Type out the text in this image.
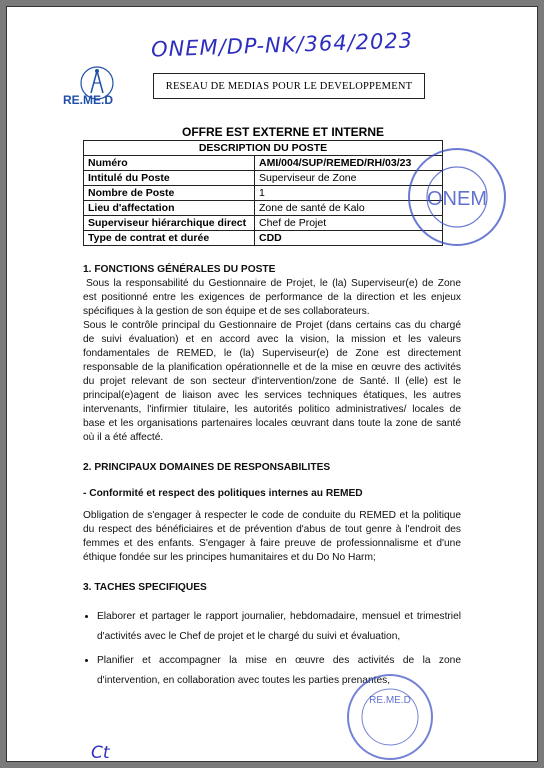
ONEM/DP-NK/364/2023
RE.ME.D
RESEAU DE MEDIAS POUR LE DEVELOPPEMENT
OFFRE EST EXTERNE ET INTERNE
DESCRIPTION DU POSTE	
Numéro	AMI/004/SUP/REMED/RH/03/23
Intitulé du Poste	Superviseur de Zone
Nombre de Poste	1
Lieu d'affectation	Zone de santé de Kalo
Superviseur hiérarchique direct	Chef de Projet
Type de contrat et durée	CDD
ONEM
1. FONCTIONS GÉNÉRALES DU POSTE

Sous la responsabilité du Gestionnaire de Projet, le (la) Superviseur(e) de Zone est positionné entre les exigences de performance de la direction et les enjeux spécifiques à la gestion de son équipe et de ses collaborateurs.

Sous le contrôle principal du Gestionnaire de Projet (dans certains cas du chargé de suivi évaluation) et en accord avec la vision, la mission et les valeurs fondamentales de REMED, le (la) Superviseur(e) de Zone est directement responsable de la planification opérationnelle et de la mise en œuvre des activités du projet relevant de son secteur d'intervention/zone de Santé. Il (elle) est le principal(e)agent de liaison avec les services techniques étatiques, les autres intervenants, l'infirmier titulaire, les autorités politico administratives/ locales de base et les organisations partenaires locales œuvrant dans toute la zone de santé où il a été affecté.

2. PRINCIPAUX DOMAINES DE RESPONSABILITES
- Conformité et respect des politiques internes au REMED

Obligation de s'engager à respecter le code de conduite du REMED et la politique du respect des bénéficiaires et de prévention d'abus de tout genre à l'endroit des femmes et des enfants. S'engager à faire preuve de professionnalisme et d'une éthique fondée sur les principes humanitaires et du Do No Harm;

3. TACHES SPECIFIQUES
• Elaborer et partager le rapport journalier, hebdomadaire, mensuel et trimestriel d'activités avec le Chef de projet et le chargé du suivi et évaluation,
• Planifier et accompagner la mise en œuvre des activités de la zone d'intervention, en collaboration avec toutes les parties prenantes,
RE.ME.D
Ct
